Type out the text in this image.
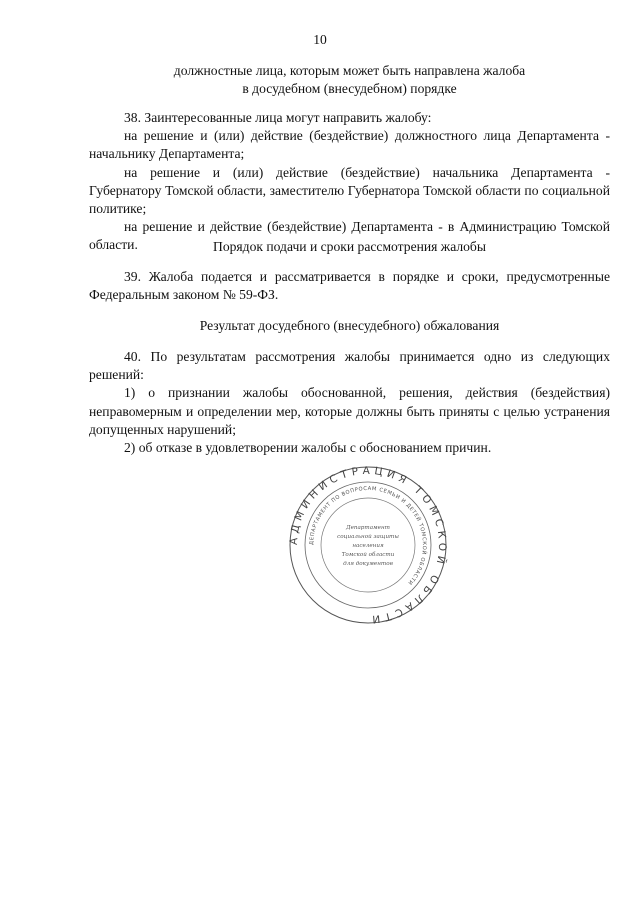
10
должностные лица, которым может быть направлена жалоба
в досудебном (внесудебном) порядке

38. Заинтересованные лица могут направить жалобу:

на решение и (или) действие (бездействие) должностного лица Департамента - начальнику Департамента;

на решение и (или) действие (бездействие) начальника Департамента - Губернатору Томской области, заместителю Губернатора Томской области по социальной политике;

на решение и действие (бездействие) Департамента - в Администрацию Томской области.	Порядок подачи и сроки рассмотрения жалобы

39. Жалоба подается и рассматривается в порядке и сроки, предусмотренные Федеральным законом № 59-ФЗ.

Результат досудебного (внесудебного) обжалования

40. По результатам рассмотрения жалобы принимается одно из следующих решений:

1) о признании жалобы обоснованной, решения, действия (бездействия) неправомерным и определении мер, которые должны быть приняты с целью устранения допущенных нарушений;

2) об отказе в удовлетворении жалобы с обоснованием причин.

АДМИНИСТРАЦИЯ ТОМСКОЙ ОБЛАСТИ
ДЕПАРТАМЕНТ ПО ВОПРОСАМ СЕМЬИ И ДЕТЕЙ ТОМСКОЙ ОБЛАСТИ
Департамент
социальной защиты
населения
Томской области
для документов
